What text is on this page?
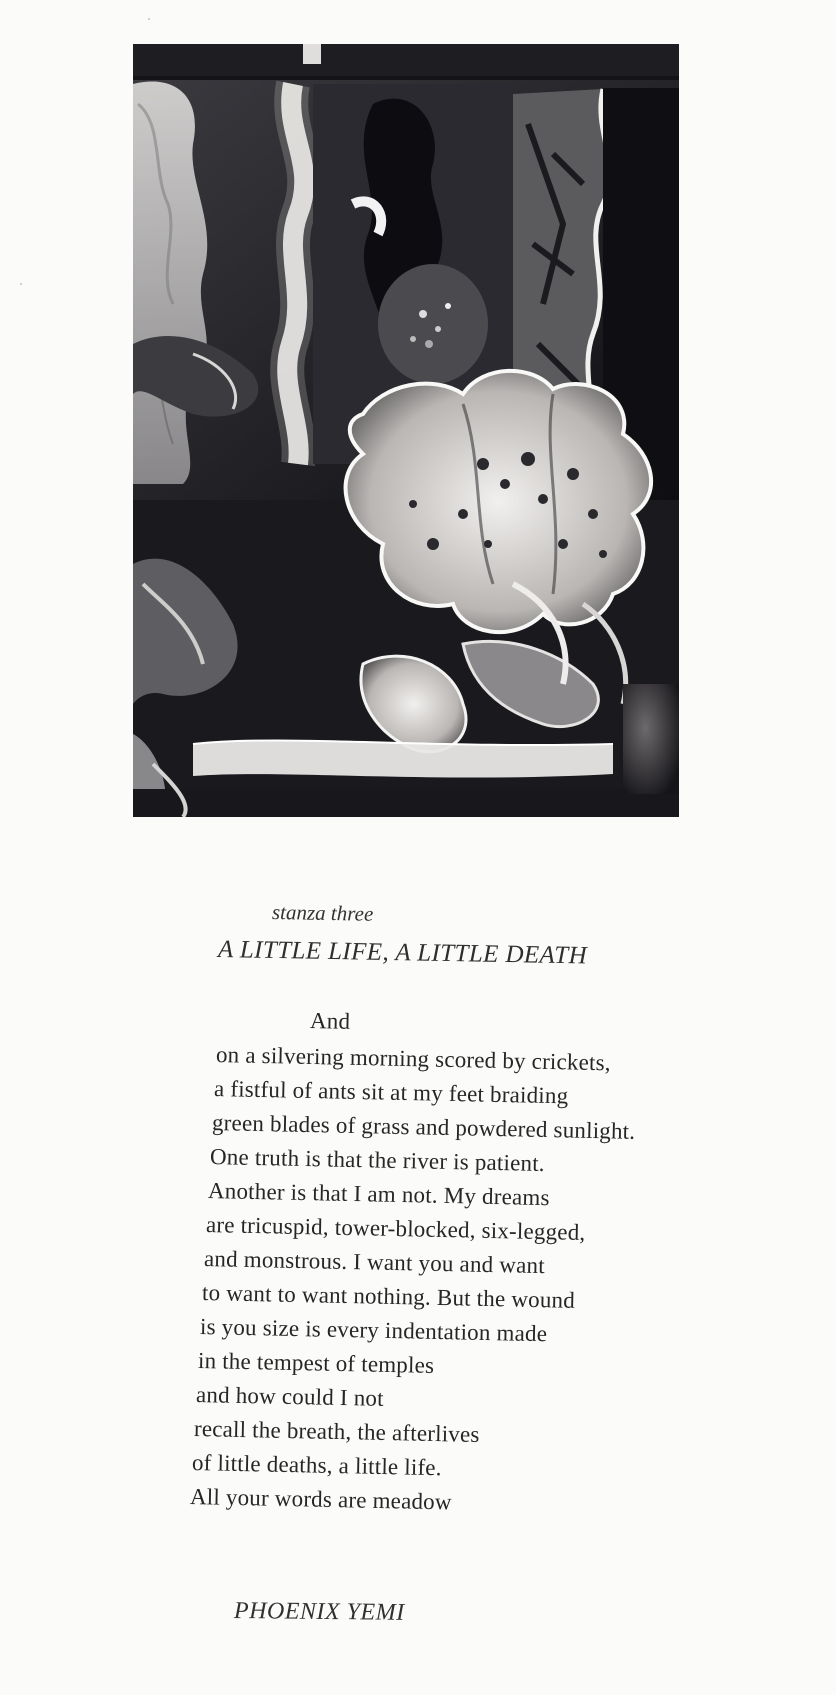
stanza three
A LITTLE LIFE, A LITTLE DEATH
And
on a silvering morning scored by crickets,
a fistful of ants sit at my feet braiding
green blades of grass and powdered sunlight.
One truth is that the river is patient.
Another is that I am not. My dreams
are tricuspid, tower-blocked, six-legged,
and monstrous. I want you and want
to want to want nothing. But the wound
is you size is every indentation made
in the tempest of temples
and how could I not
recall the breath, the afterlives
of little deaths, a little life.
All your words are meadow
PHOENIX YEMI
